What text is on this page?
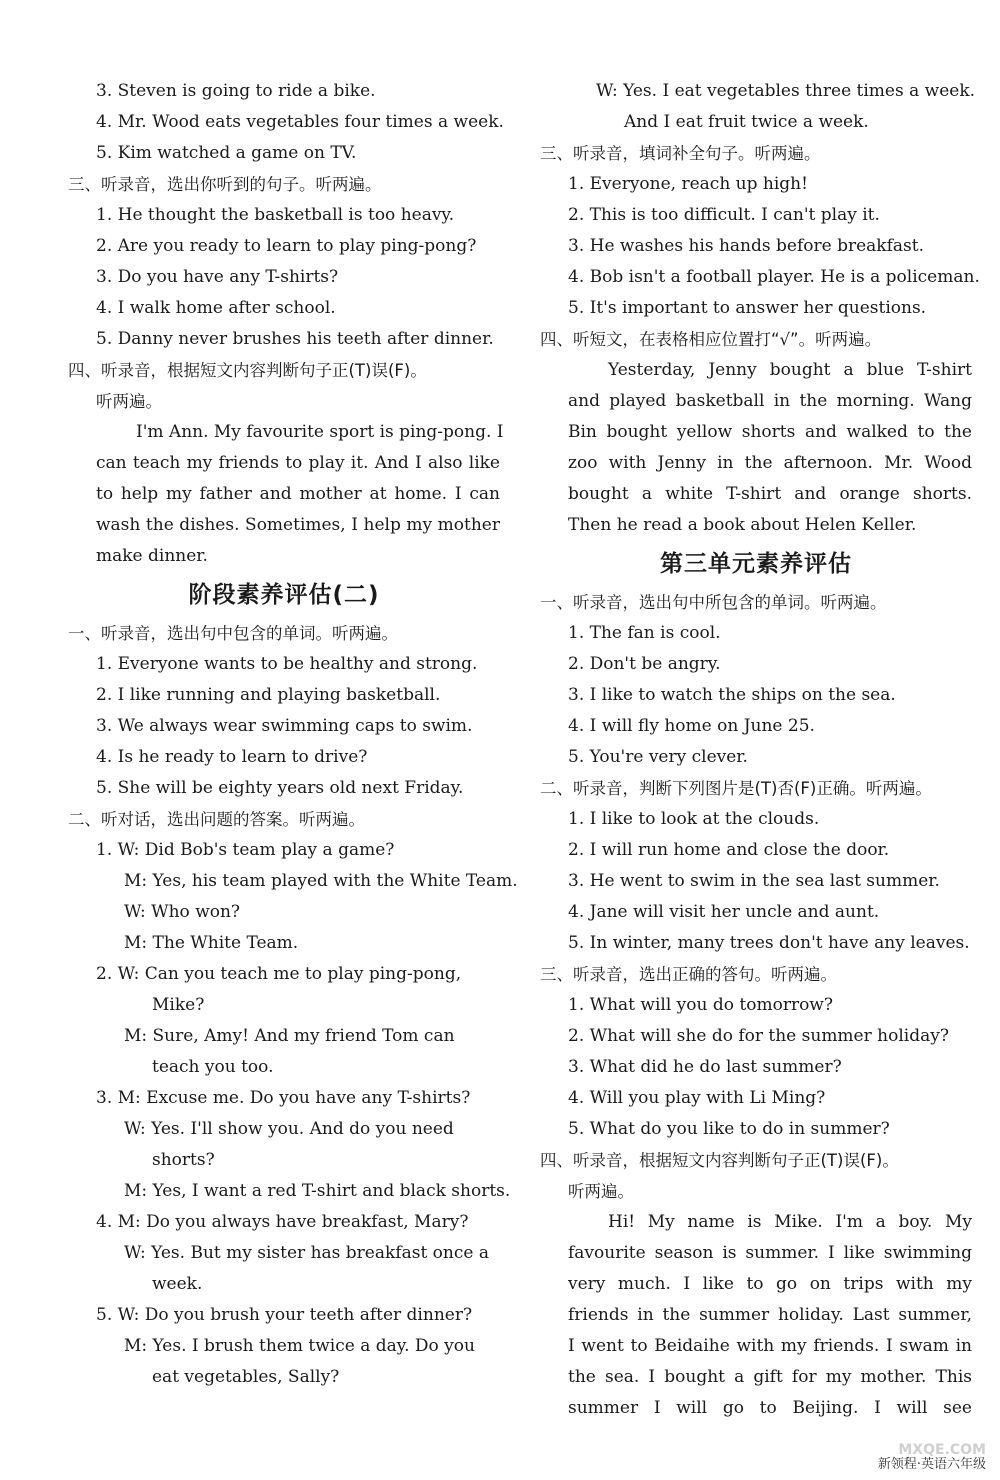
3. Steven is going to ride a bike.
4. Mr. Wood eats vegetables four times a week.
5. Kim watched a game on TV.
三、听录音，选出你听到的句子。听两遍。
1. He thought the basketball is too heavy.
2. Are you ready to learn to play ping-pong?
3. Do you have any T-shirts?
4. I walk home after school.
5. Danny never brushes his teeth after dinner.
四、听录音，根据短文内容判断句子正(T)误(F)。
听两遍。
I'm Ann. My favourite sport is ping-pong. I
can teach my friends to play it. And I also like
to help my father and mother at home. I can
wash the dishes. Sometimes, I help my mother
make dinner.
阶段素养评估(二)
一、听录音，选出句中包含的单词。听两遍。
1. Everyone wants to be healthy and strong.
2. I like running and playing basketball.
3. We always wear swimming caps to swim.
4. Is he ready to learn to drive?
5. She will be eighty years old next Friday.
二、听对话，选出问题的答案。听两遍。
1. W: Did Bob's team play a game?
M: Yes, his team played with the White Team.
W: Who won?
M: The White Team.
2. W: Can you teach me to play ping-pong,
Mike?
M: Sure, Amy! And my friend Tom can
teach you too.
3. M: Excuse me. Do you have any T-shirts?
W: Yes. I'll show you. And do you need
shorts?
M: Yes, I want a red T-shirt and black shorts.
4. M: Do you always have breakfast, Mary?
W: Yes. But my sister has breakfast once a
week.
5. W: Do you brush your teeth after dinner?
M: Yes. I brush them twice a day. Do you
eat vegetables, Sally?
W: Yes. I eat vegetables three times a week.
And I eat fruit twice a week.
三、听录音，填词补全句子。听两遍。
1. Everyone, reach up high!
2. This is too difficult. I can't play it.
3. He washes his hands before breakfast.
4. Bob isn't a football player. He is a policeman.
5. It's important to answer her questions.
四、听短文，在表格相应位置打“√”。听两遍。
Yesterday, Jenny bought a blue T-shirt
and played basketball in the morning. Wang
Bin bought yellow shorts and walked to the
zoo with Jenny in the afternoon. Mr. Wood
bought a white T-shirt and orange shorts.
Then he read a book about Helen Keller.
第三单元素养评估
一、听录音，选出句中所包含的单词。听两遍。
1. The fan is cool.
2. Don't be angry.
3. I like to watch the ships on the sea.
4. I will fly home on June 25.
5. You're very clever.
二、听录音，判断下列图片是(T)否(F)正确。听两遍。
1. I like to look at the clouds.
2. I will run home and close the door.
3. He went to swim in the sea last summer.
4. Jane will visit her uncle and aunt.
5. In winter, many trees don't have any leaves.
三、听录音，选出正确的答句。听两遍。
1. What will you do tomorrow?
2. What will she do for the summer holiday?
3. What did he do last summer?
4. Will you play with Li Ming?
5. What do you like to do in summer?
四、听录音，根据短文内容判断句子正(T)误(F)。
听两遍。
Hi! My name is Mike. I'm a boy. My
favourite season is summer. I like swimming
very much. I like to go on trips with my
friends in the summer holiday. Last summer,
I went to Beidaihe with my friends. I swam in
the sea. I bought a gift for my mother. This
summer I will go to Beijing. I will see
MXQE.COM
新领程·英语六年级
